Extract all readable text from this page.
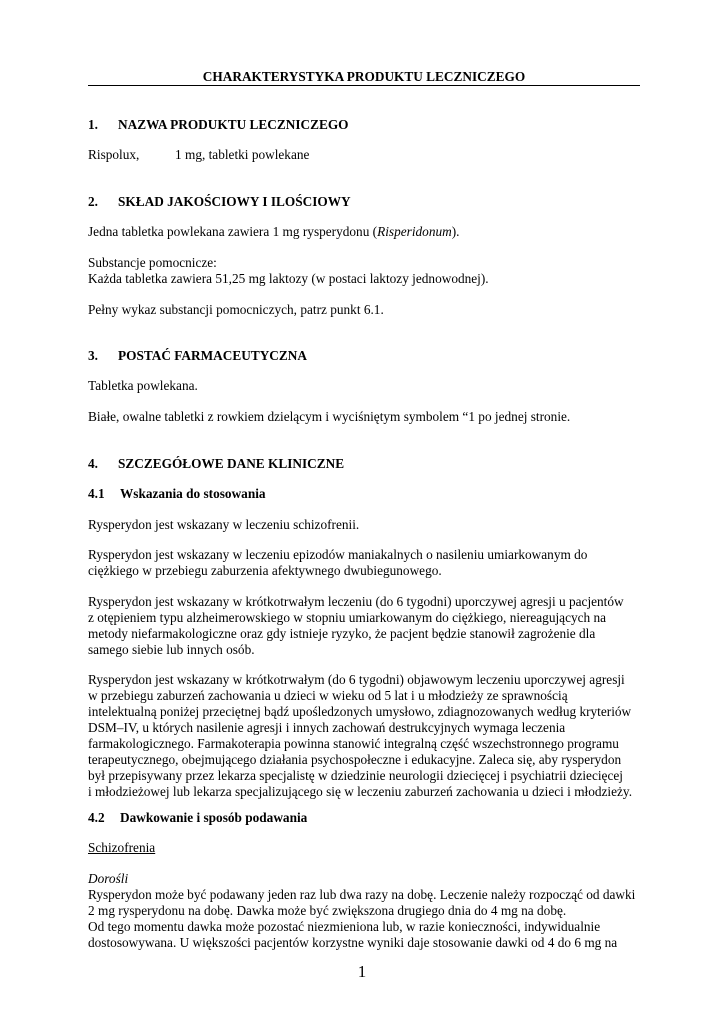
CHARAKTERYSTYKA PRODUKTU LECZNICZEGO
1. NAZWA PRODUKTU LECZNICZEGO
Rispolux,	1 mg, tabletki powlekane
2. SKŁAD JAKOŚCIOWY I ILOŚCIOWY
Jedna tabletka powlekana zawiera 1 mg rysperydonu (Risperidonum).
Substancje pomocnicze:
Każda tabletka zawiera 51,25 mg laktozy (w postaci laktozy jednowodnej).
Pełny wykaz substancji pomocniczych, patrz punkt 6.1.
3. POSTAĆ FARMACEUTYCZNA
Tabletka powlekana.
Białe, owalne tabletki z rowkiem dzielącym i wyciśniętym symbolem “1 po jednej stronie.
4. SZCZEGÓŁOWE DANE KLINICZNE
4.1 Wskazania do stosowania
Rysperydon jest wskazany w leczeniu schizofrenii.
Rysperydon jest wskazany w leczeniu epizodów maniakalnych o nasileniu umiarkowanym do
ciężkiego w przebiegu zaburzenia afektywnego dwubiegunowego.
Rysperydon jest wskazany w krótkotrwałym leczeniu (do 6 tygodni) uporczywej agresji u pacjentów
z otępieniem typu alzheimerowskiego w stopniu umiarkowanym do ciężkiego, niereagujących na
metody niefarmakologiczne oraz gdy istnieje ryzyko, że pacjent będzie stanowił zagrożenie dla
samego siebie lub innych osób.
Rysperydon jest wskazany w krótkotrwałym (do 6 tygodni) objawowym leczeniu uporczywej agresji
w przebiegu zaburzeń zachowania u dzieci w wieku od 5 lat i u młodzieży ze sprawnością
intelektualną poniżej przeciętnej bądź upośledzonych umysłowo, zdiagnozowanych według kryteriów
DSM–IV, u których nasilenie agresji i innych zachowań destrukcyjnych wymaga leczenia
farmakologicznego. Farmakoterapia powinna stanowić integralną część wszechstronnego programu
terapeutycznego, obejmującego działania psychospołeczne i edukacyjne. Zaleca się, aby rysperydon
był przepisywany przez lekarza specjalistę w dziedzinie neurologii dziecięcej i psychiatrii dziecięcej
i młodzieżowej lub lekarza specjalizującego się w leczeniu zaburzeń zachowania u dzieci i młodzieży.
4.2 Dawkowanie i sposób podawania
Schizofrenia
Dorośli
Rysperydon może być podawany jeden raz lub dwa razy na dobę. Leczenie należy rozpocząć od dawki
2 mg rysperydonu na dobę. Dawka może być zwiększona drugiego dnia do 4 mg na dobę.
Od tego momentu dawka może pozostać niezmieniona lub, w razie konieczności, indywidualnie
dostosowywana. U większości pacjentów korzystne wyniki daje stosowanie dawki od 4 do 6 mg na
1
